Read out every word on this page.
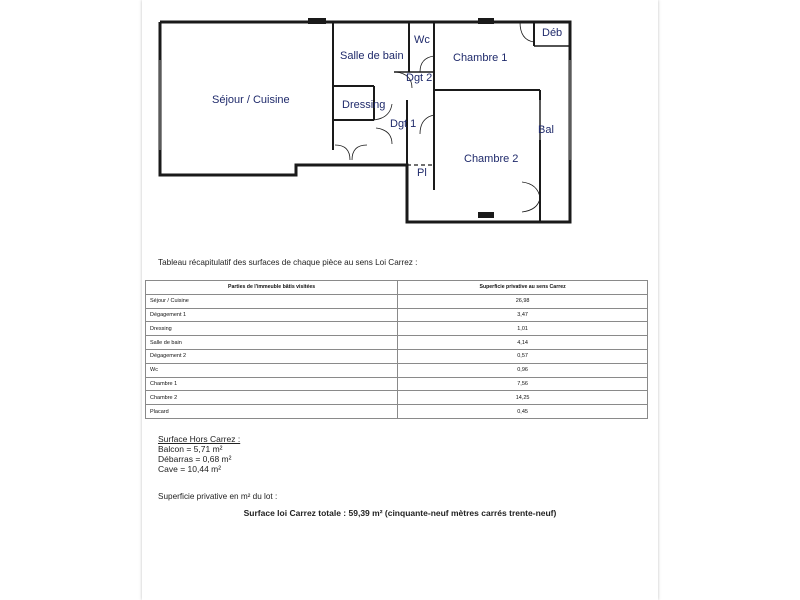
Séjour / Cuisine
Salle de bain
Wc
Chambre 1
Déb
Dgt 2
Dressing
Dgt 1	Bal
Chambre 2
Pl
Tableau récapitulatif des surfaces de chaque pièce au sens Loi Carrez :
Parties de l'immeuble bâtis visitées	Superficie privative au sens Carrez
Séjour / Cuisine	26,98
Dégagement 1	3,47
Dressing	1,01
Salle de bain	4,14
Dégagement 2	0,57
Wc	0,96
Chambre 1	7,56
Chambre 2	14,25
Placard	0,45
Surface Hors Carrez :
Balcon = 5,71 m²
Débarras = 0,68 m²
Cave = 10,44 m²
Superficie privative en m² du lot :
Surface loi Carrez totale : 59,39 m² (cinquante-neuf mètres carrés trente-neuf)
